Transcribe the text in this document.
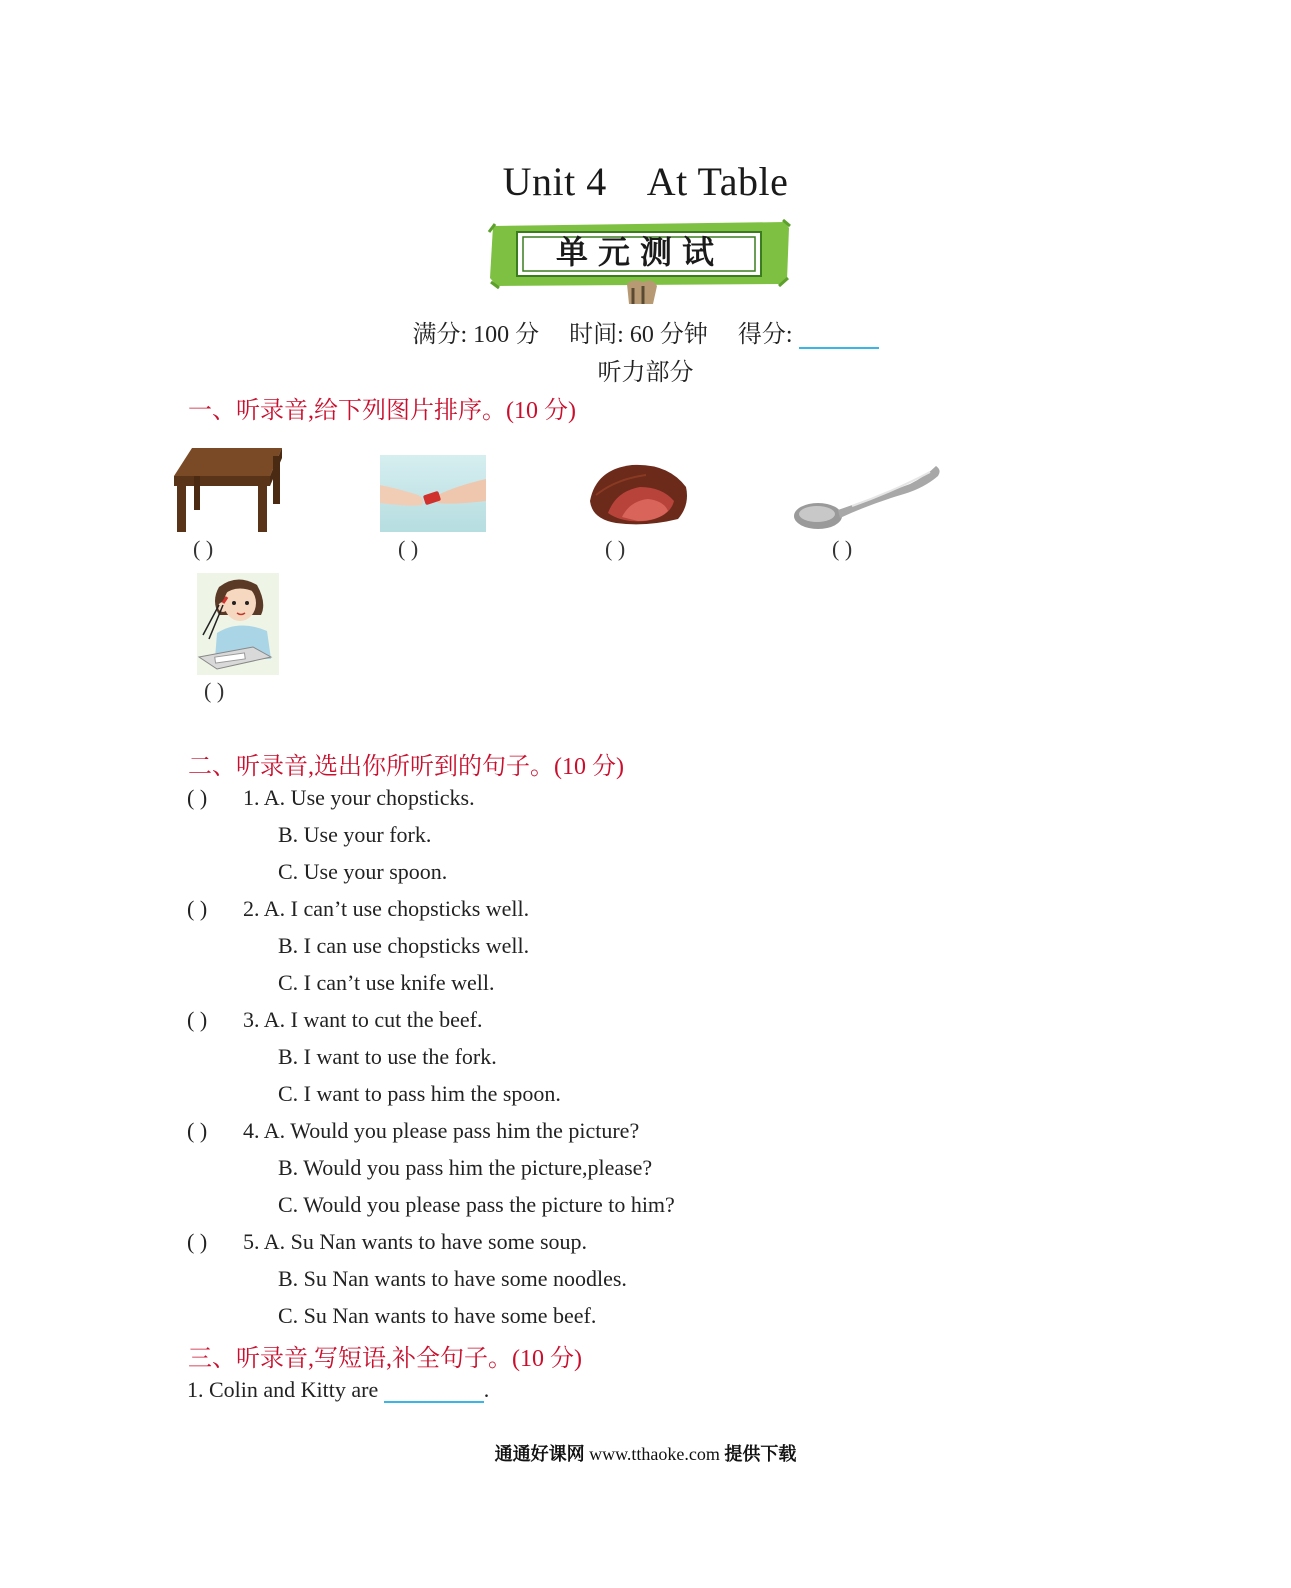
Unit 4 At Table
单元测试
满分: 100 分 时间: 60 分钟 得分:
听力部分
一、听录音,给下列图片排序。(10 分)
( )	( )	( )	( )
( )
二、听录音,选出你所听到的句子。(10 分)
( ) 1. A. Use your chopsticks.
B. Use your fork.
C. Use your spoon.
( ) 2. A. I can’t use chopsticks well.
B. I can use chopsticks well.
C. I can’t use knife well.
( ) 3. A. I want to cut the beef.
B. I want to use the fork.
C. I want to pass him the spoon.
( ) 4. A. Would you please pass him the picture?
B. Would you pass him the picture,please?
C. Would you please pass the picture to him?
( ) 5. A. Su Nan wants to have some soup.
B. Su Nan wants to have some noodles.
C. Su Nan wants to have some beef.
三、听录音,写短语,补全句子。(10 分)
1. Colin and Kitty are	.
通通好课网 www.tthaoke.com 提供下载
